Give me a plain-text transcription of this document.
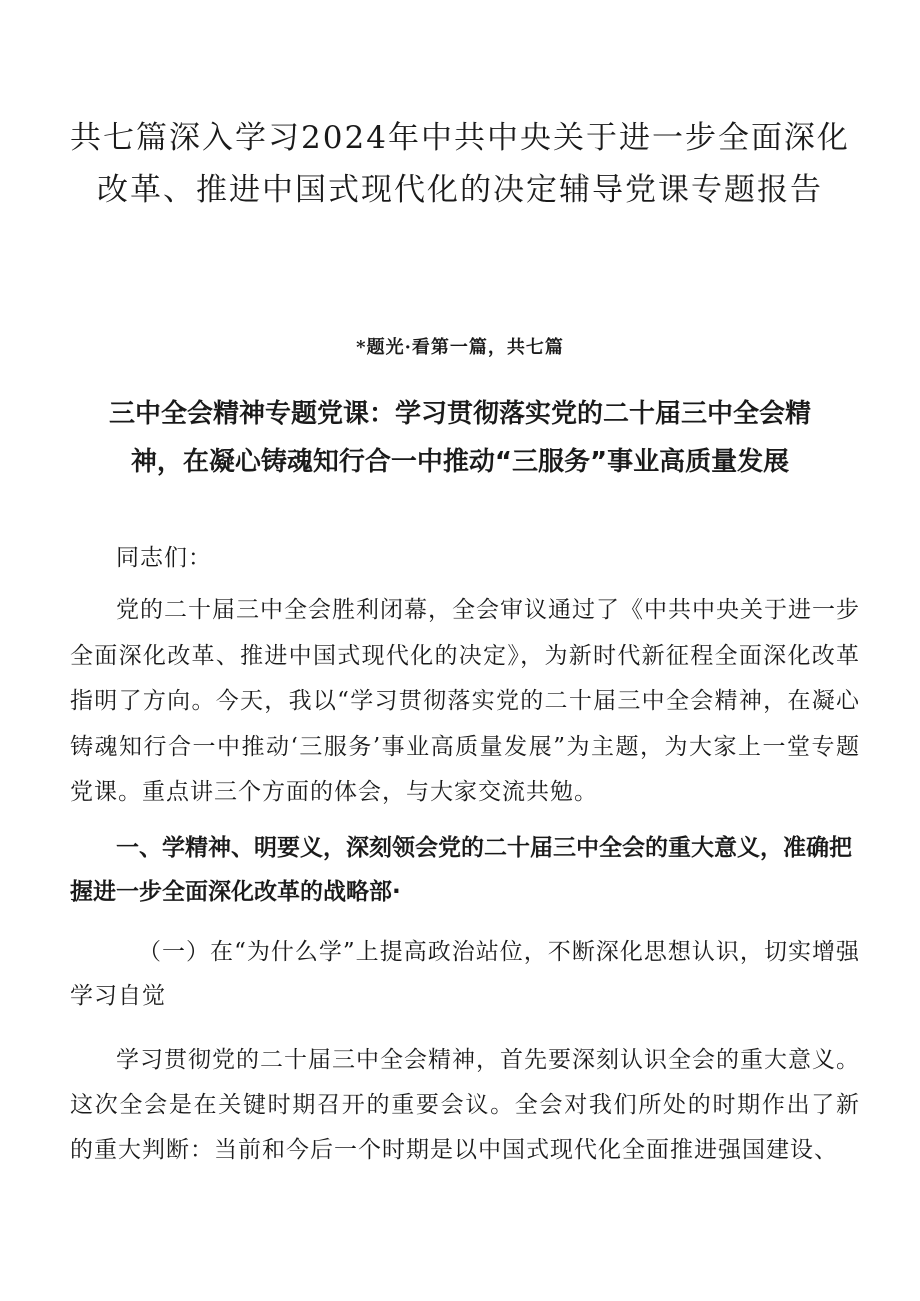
共七篇深入学习2024年中共中央关于进一步全面深化改革、推进中国式现代化的决定辅导党课专题报告
*题光·看第一篇，共七篇
三中全会精神专题党课：学习贯彻落实党的二十届三中全会精神，在凝心铸魂知行合一中推动“三服务”事业高质量发展

同志们：

党的二十届三中全会胜利闭幕，全会审议通过了《中共中央关于进一步全面深化改革、推进中国式现代化的决定》，为新时代新征程全面深化改革指明了方向。今天，我以“学习贯彻落实党的二十届三中全会精神，在凝心铸魂知行合一中推动‘三服务’事业高质量发展”为主题，为大家上一堂专题党课。重点讲三个方面的体会，与大家交流共勉。

一、学精神、明要义，深刻领会党的二十届三中全会的重大意义，准确把握进一步全面深化改革的战略部·

（一）在“为什么学”上提高政治站位，不断深化思想认识，切实增强学习自觉

学习贯彻党的二十届三中全会精神，首先要深刻认识全会的重大意义。这次全会是在关键时期召开的重要会议。全会对我们所处的时期作出了新的重大判断：当前和今后一个时期是以中国式现代化全面推进强国建设、
